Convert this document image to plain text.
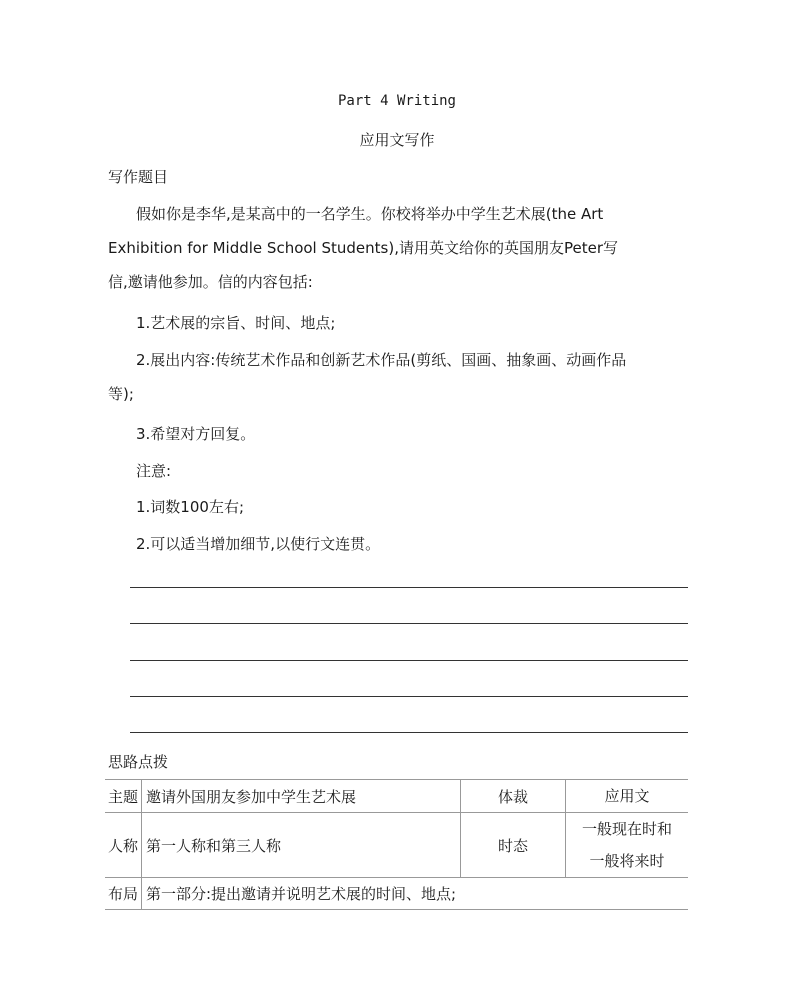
Part 4 Writing
应用文写作
写作题目
假如你是李华,是某高中的一名学生。你校将举办中学生艺术展(the Art
Exhibition for Middle School Students),请用英文给你的英国朋友Peter写
信,邀请他参加。信的内容包括:
1.艺术展的宗旨、时间、地点;
2.展出内容:传统艺术作品和创新艺术作品(剪纸、国画、抽象画、动画作品
等);
3.希望对方回复。
注意:
1.词数100左右;
2.可以适当增加细节,以使行文连贯。
思路点拨
主题	邀请外国朋友参加中学生艺术展	体裁	应用文
人称	第一人称和第三人称	时态	一般现在时和
一般将来时

布局	第一部分:提出邀请并说明艺术展的时间、地点;		
